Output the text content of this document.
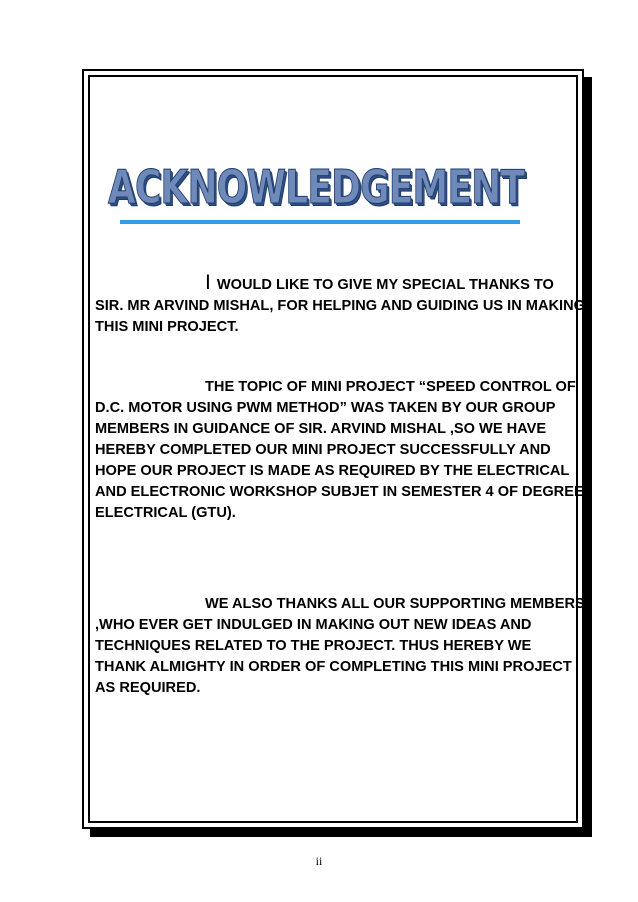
ACKNOWLEDGEMENT

I WOULD LIKE TO GIVE MY SPECIAL THANKS TO SIR. MR ARVIND MISHAL, FOR HELPING AND GUIDING US IN MAKING THIS MINI PROJECT.

THE TOPIC OF MINI PROJECT “SPEED CONTROL OF D.C. MOTOR USING PWM METHOD” WAS TAKEN BY OUR GROUP MEMBERS IN GUIDANCE OF SIR. ARVIND MISHAL ,SO WE HAVE HEREBY COMPLETED OUR MINI PROJECT SUCCESSFULLY AND HOPE OUR PROJECT IS MADE AS REQUIRED BY THE ELECTRICAL AND ELECTRONIC WORKSHOP SUBJET IN SEMESTER 4 OF DEGREE ELECTRICAL (GTU).

WE ALSO THANKS ALL OUR SUPPORTING MEMBERS ,WHO EVER GET INDULGED IN MAKING OUT NEW IDEAS AND TECHNIQUES RELATED TO THE PROJECT. THUS HEREBY WE THANK ALMIGHTY IN ORDER OF COMPLETING THIS MINI PROJECT AS REQUIRED.

ii
